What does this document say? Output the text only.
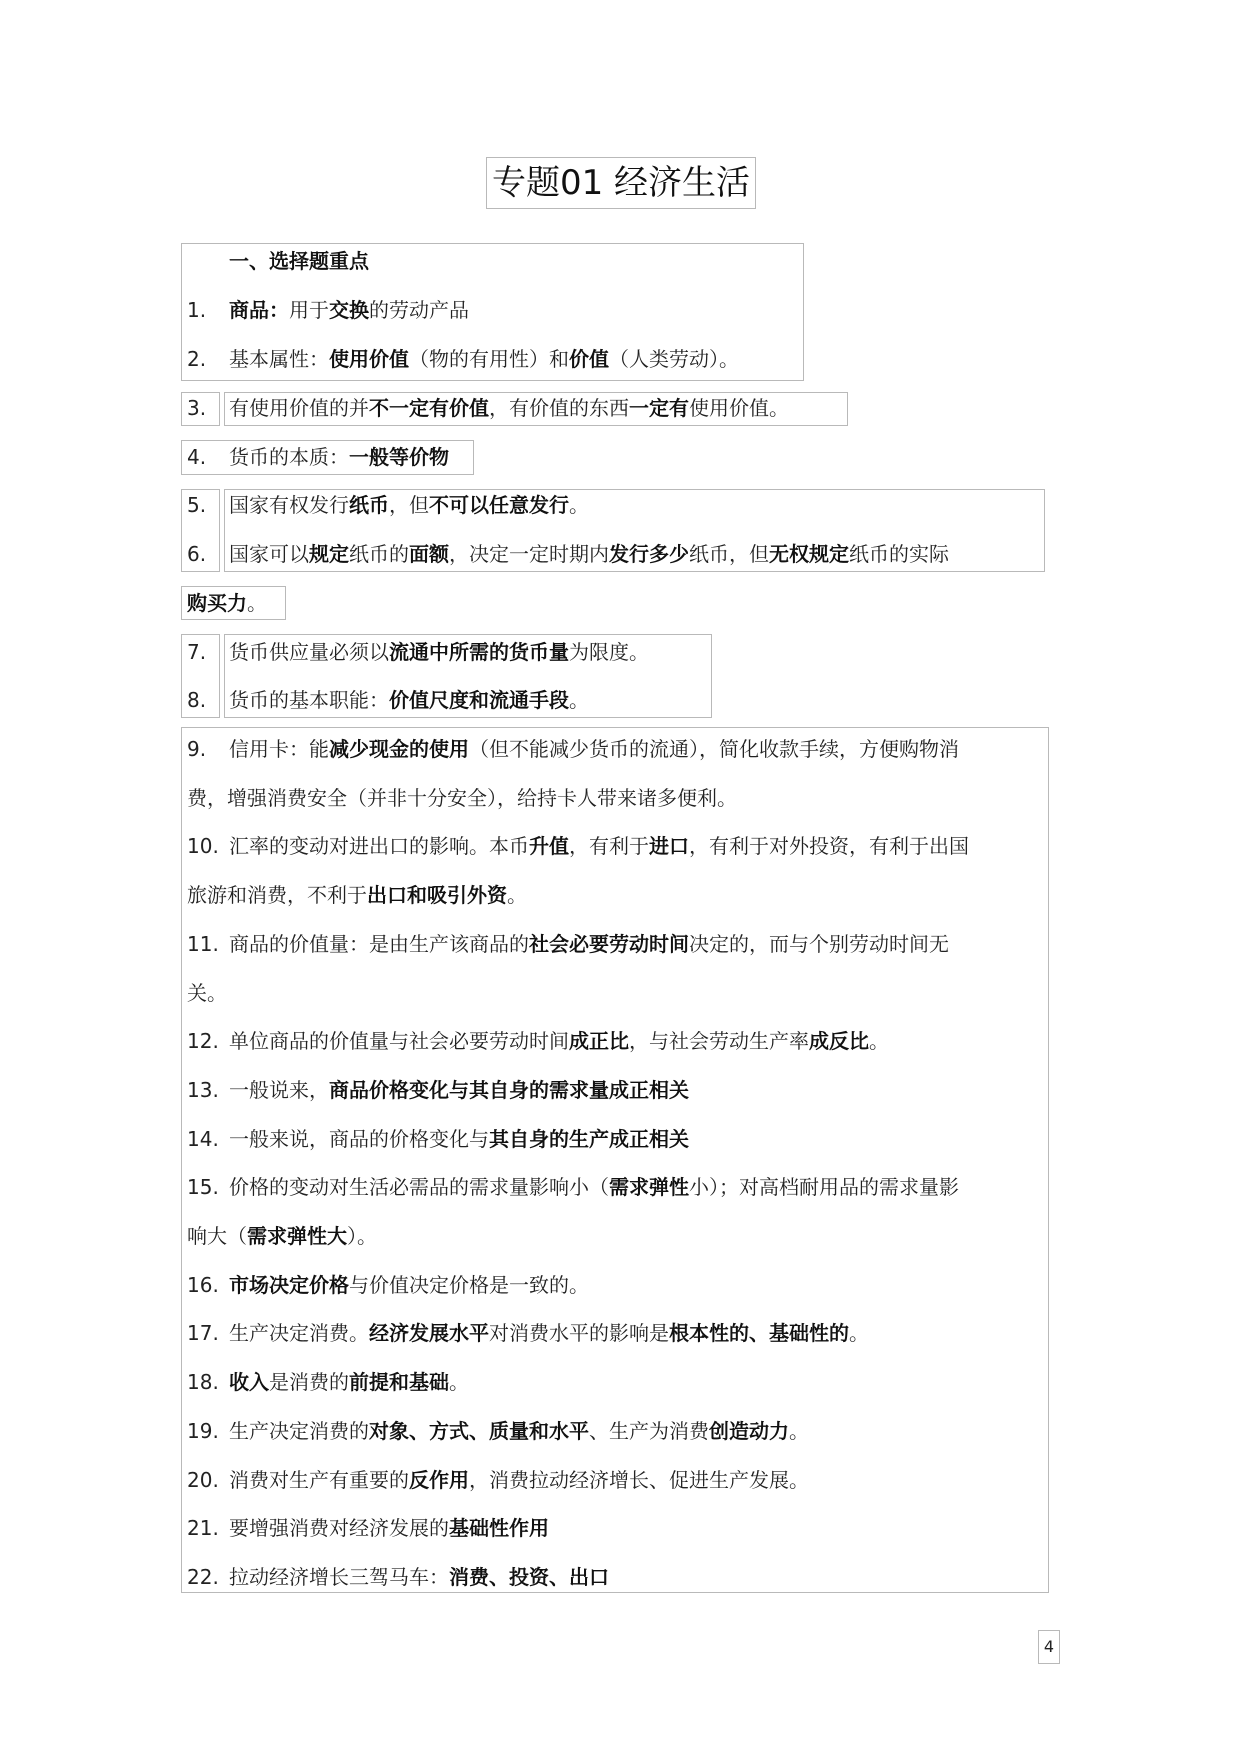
专题01 经济生活
一、选择题重点
1. 商品：用于交换的劳动产品
2. 基本属性：使用价值（物的有用性）和价值（人类劳动）。
3. 有使用价值的并不一定有价值，有价值的东西一定有使用价值。
4. 货币的本质：一般等价物
5. 国家有权发行纸币，但不可以任意发行。
6. 国家可以规定纸币的面额，决定一定时期内发行多少纸币，但无权规定纸币的实际
购买力。
7. 货币供应量必须以流通中所需的货币量为限度。
8. 货币的基本职能：价值尺度和流通手段。
9. 信用卡：能减少现金的使用（但不能减少货币的流通），简化收款手续，方便购物消
费，增强消费安全（并非十分安全），给持卡人带来诸多便利。
10. 汇率的变动对进出口的影响。本币升值，有利于进口，有利于对外投资，有利于出国
旅游和消费，不利于出口和吸引外资。
11. 商品的价值量：是由生产该商品的社会必要劳动时间决定的，而与个别劳动时间无
关。
12. 单位商品的价值量与社会必要劳动时间成正比，与社会劳动生产率成反比。
13. 一般说来，商品价格变化与其自身的需求量成正相关
14. 一般来说，商品的价格变化与其自身的生产成正相关
15. 价格的变动对生活必需品的需求量影响小（需求弹性小）；对高档耐用品的需求量影
响大（需求弹性大）。
16. 市场决定价格与价值决定价格是一致的。
17. 生产决定消费。经济发展水平对消费水平的影响是根本性的、基础性的。
18. 收入是消费的前提和基础。
19. 生产决定消费的对象、方式、质量和水平、生产为消费创造动力。
20. 消费对生产有重要的反作用，消费拉动经济增长、促进生产发展。
21. 要增强消费对经济发展的基础性作用
22. 拉动经济增长三驾马车：消费、投资、出口
4
